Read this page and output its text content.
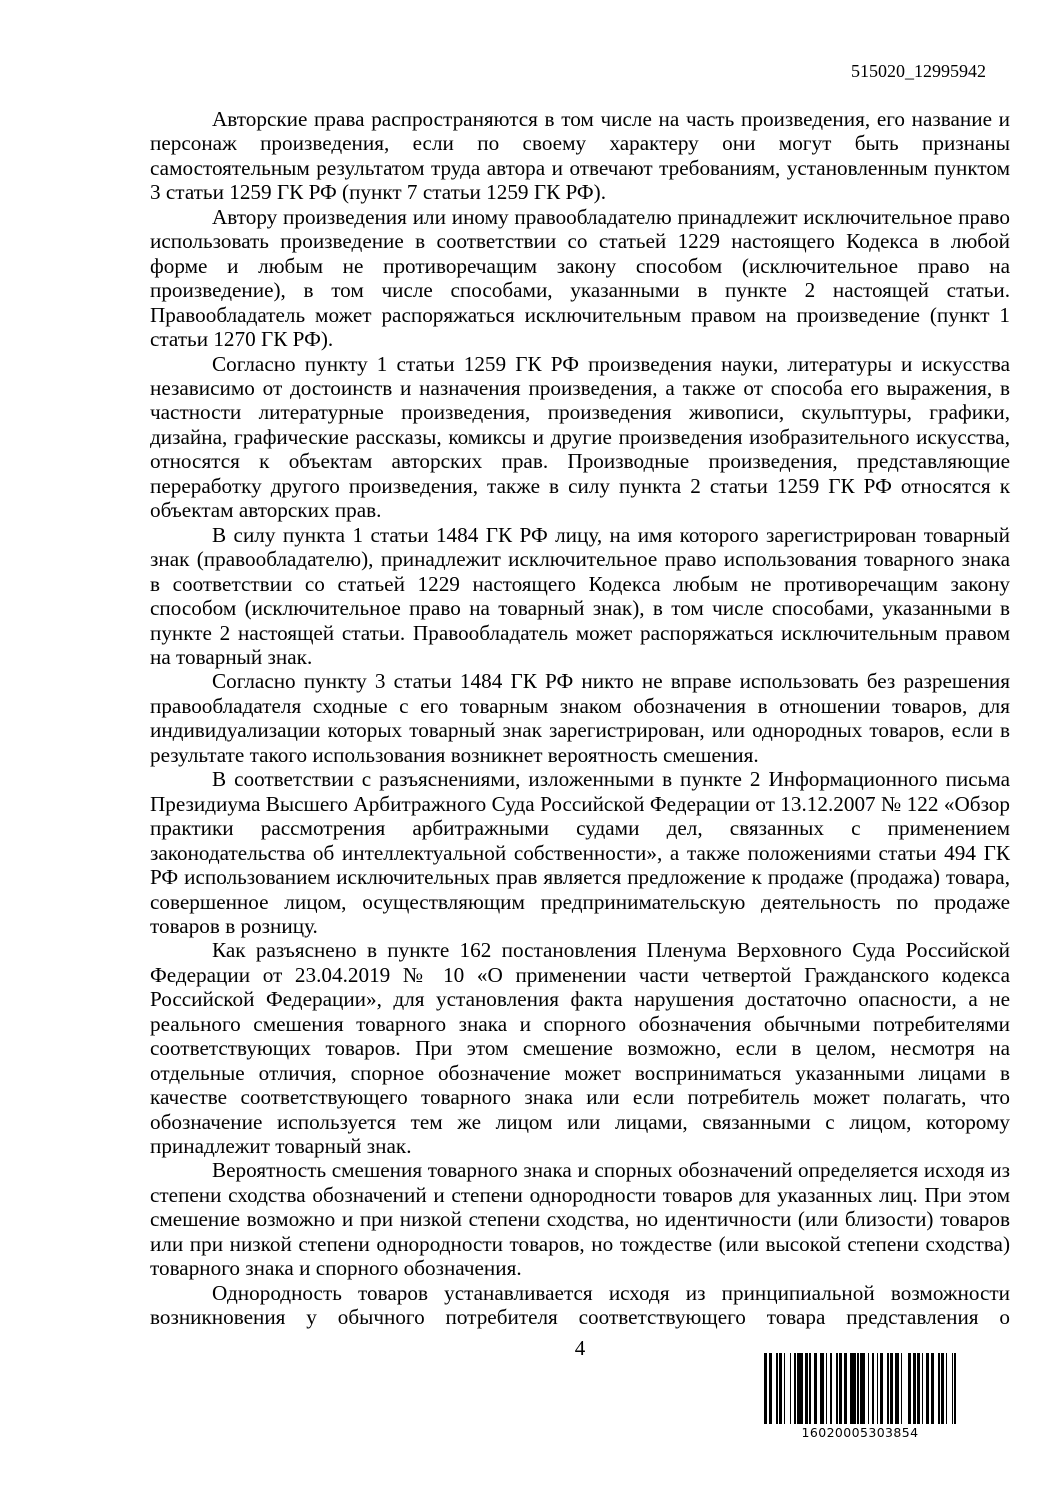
515020_12995942

Авторские права распространяются в том числе на часть произведения, его название и персонаж произведения, если по своему характеру они могут быть признаны самостоятельным результатом труда автора и отвечают требованиям, установленным пунктом 3 статьи 1259 ГК РФ (пункт 7 статьи 1259 ГК РФ).

Автору произведения или иному правообладателю принадлежит исключительное право использовать произведение в соответствии со статьей 1229 настоящего Кодекса в любой форме и любым не противоречащим закону способом (исключительное право на произведение), в том числе способами, указанными в пункте 2 настоящей статьи. Правообладатель может распоряжаться исключительным правом на произведение (пункт 1 статьи 1270 ГК РФ).

Согласно пункту 1 статьи 1259 ГК РФ произведения науки, литературы и искусства независимо от достоинств и назначения произведения, а также от способа его выражения, в частности литературные произведения, произведения живописи, скульптуры, графики, дизайна, графические рассказы, комиксы и другие произведения изобразительного искусства, относятся к объектам авторских прав. Производные произведения, представляющие переработку другого произведения, также в силу пункта 2 статьи 1259 ГК РФ относятся к объектам авторских прав.

В силу пункта 1 статьи 1484 ГК РФ лицу, на имя которого зарегистрирован товарный знак (правообладателю), принадлежит исключительное право использования товарного знака в соответствии со статьей 1229 настоящего Кодекса любым не противоречащим закону способом (исключительное право на товарный знак), в том числе способами, указанными в пункте 2 настоящей статьи. Правообладатель может распоряжаться исключительным правом на товарный знак.

Согласно пункту 3 статьи 1484 ГК РФ никто не вправе использовать без разрешения правообладателя сходные с его товарным знаком обозначения в отношении товаров, для индивидуализации которых товарный знак зарегистрирован, или однородных товаров, если в результате такого использования возникнет вероятность смешения.

В соответствии с разъяснениями, изложенными в пункте 2 Информационного письма Президиума Высшего Арбитражного Суда Российской Федерации от 13.12.2007 № 122 «Обзор практики рассмотрения арбитражными судами дел, связанных с применением законодательства об интеллектуальной собственности», а также положениями статьи 494 ГК РФ использованием исключительных прав является предложение к продаже (продажа) товара, совершенное лицом, осуществляющим предпринимательскую деятельность по продаже товаров в розницу.

Как разъяснено в пункте 162 постановления Пленума Верховного Суда Российской Федерации от 23.04.2019 № 10 «О применении части четвертой Гражданского кодекса Российской Федерации», для установления факта нарушения достаточно опасности, а не реального смешения товарного знака и спорного обозначения обычными потребителями соответствующих товаров. При этом смешение возможно, если в целом, несмотря на отдельные отличия, спорное обозначение может восприниматься указанными лицами в качестве соответствующего товарного знака или если потребитель может полагать, что обозначение используется тем же лицом или лицами, связанными с лицом, которому принадлежит товарный знак.

Вероятность смешения товарного знака и спорных обозначений определяется исходя из степени сходства обозначений и степени однородности товаров для указанных лиц. При этом смешение возможно и при низкой степени сходства, но идентичности (или близости) товаров или при низкой степени однородности товаров, но тождестве (или высокой степени сходства) товарного знака и спорного обозначения.

Однородность товаров устанавливается исходя из принципиальной возможности возникновения у обычного потребителя соответствующего товара представления о

4
16020005303854
